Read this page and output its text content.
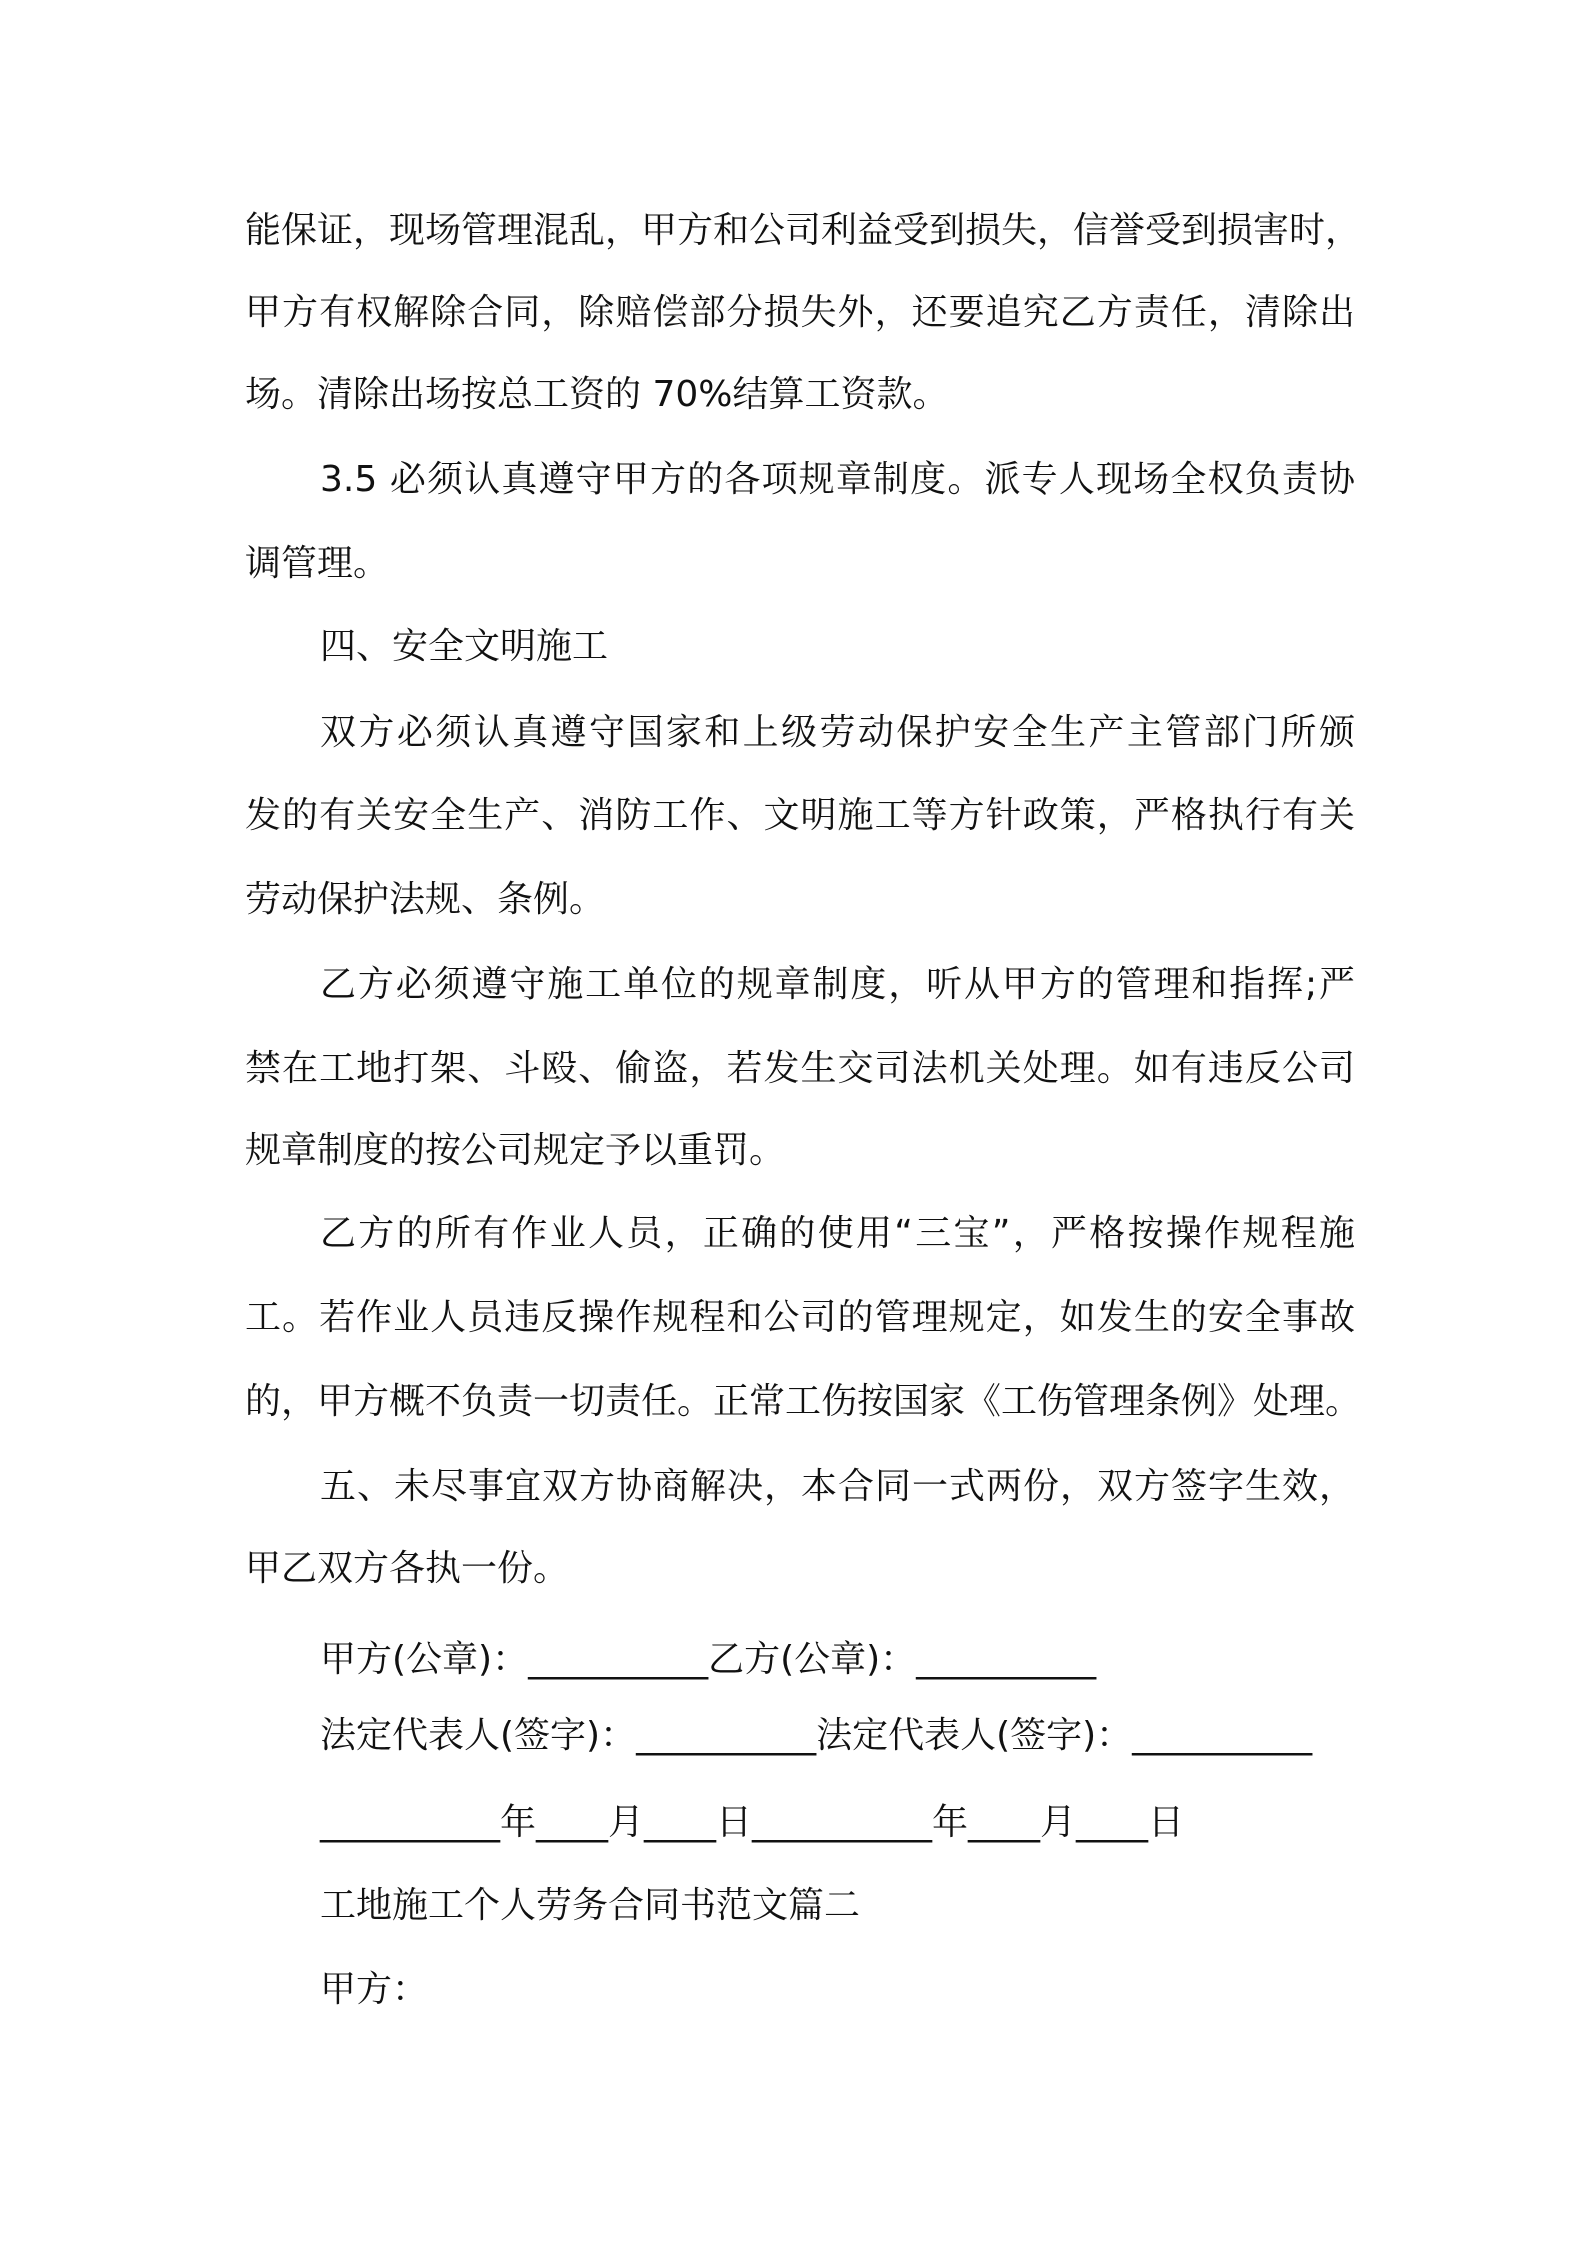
能保证，现场管理混乱，甲方和公司利益受到损失，信誉受到损害时，
甲方有权解除合同，除赔偿部分损失外，还要追究乙方责任，清除出
场。清除出场按总工资的 70%结算工资款。
3.5 必须认真遵守甲方的各项规章制度。派专人现场全权负责协
调管理。
四、安全文明施工
双方必须认真遵守国家和上级劳动保护安全生产主管部门所颁
发的有关安全生产、消防工作、文明施工等方针政策，严格执行有关
劳动保护法规、条例。
乙方必须遵守施工单位的规章制度，听从甲方的管理和指挥;严
禁在工地打架、斗殴、偷盗，若发生交司法机关处理。如有违反公司
规章制度的按公司规定予以重罚。
乙方的所有作业人员，正确的使用“三宝”，严格按操作规程施
工。若作业人员违反操作规程和公司的管理规定，如发生的安全事故
的，甲方概不负责一切责任。正常工伤按国家《工伤管理条例》处理。
五、未尽事宜双方协商解决，本合同一式两份，双方签字生效，
甲乙双方各执一份。
甲方(公章)：__________乙方(公章)：__________
法定代表人(签字)：__________法定代表人(签字)：__________
__________年____月____日__________年____月____日
工地施工个人劳务合同书范文篇二
甲方：
